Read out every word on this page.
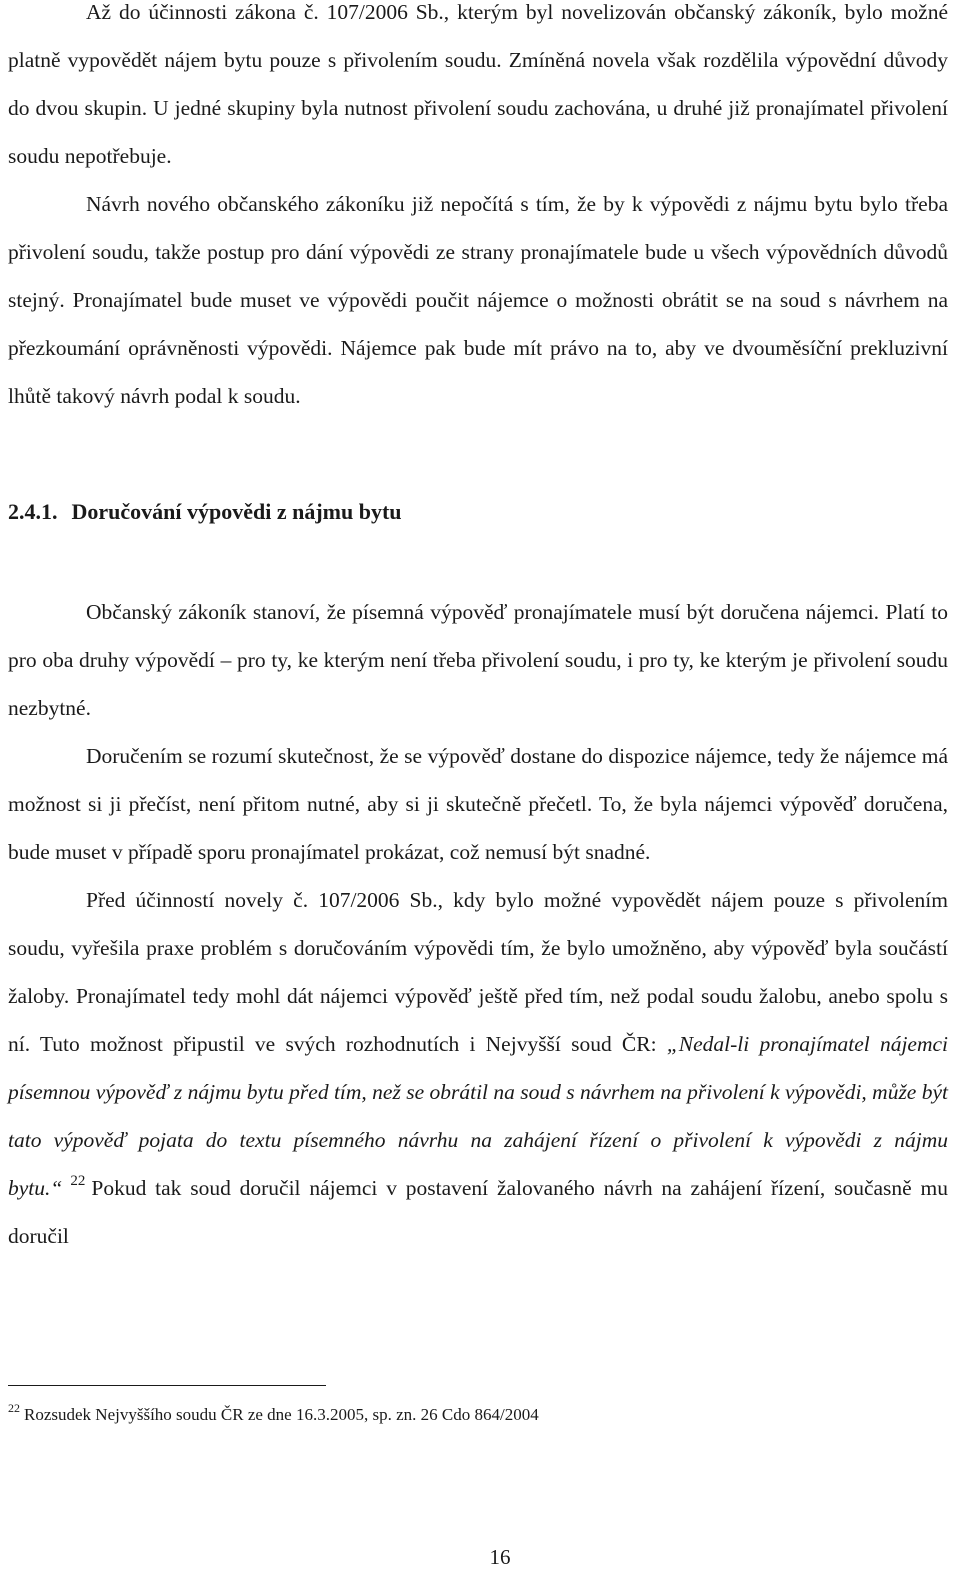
Až do účinnosti zákona č. 107/2006 Sb., kterým byl novelizován občanský zákoník, bylo možné platně vypovědět nájem bytu pouze s přivolením soudu. Zmíněná novela však rozdělila výpovědní důvody do dvou skupin. U jedné skupiny byla nutnost přivolení soudu zachována, u druhé již pronajímatel přivolení soudu nepotřebuje.

Návrh nového občanského zákoníku již nepočítá s tím, že by k výpovědi z nájmu bytu bylo třeba přivolení soudu, takže postup pro dání výpovědi ze strany pronajímatele bude u všech výpovědních důvodů stejný. Pronajímatel bude muset ve výpovědi poučit nájemce o možnosti obrátit se na soud s návrhem na přezkoumání oprávněnosti výpovědi. Nájemce pak bude mít právo na to, aby ve dvouměsíční prekluzivní lhůtě takový návrh podal k soudu.

2.4.1. Doručování výpovědi z nájmu bytu

Občanský zákoník stanoví, že písemná výpověď pronajímatele musí být doručena nájemci. Platí to pro oba druhy výpovědí – pro ty, ke kterým není třeba přivolení soudu, i pro ty, ke kterým je přivolení soudu nezbytné.

Doručením se rozumí skutečnost, že se výpověď dostane do dispozice nájemce, tedy že nájemce má možnost si ji přečíst, není přitom nutné, aby si ji skutečně přečetl. To, že byla nájemci výpověď doručena, bude muset v případě sporu pronajímatel prokázat, což nemusí být snadné.

Před účinností novely č. 107/2006 Sb., kdy bylo možné vypovědět nájem pouze s přivolením soudu, vyřešila praxe problém s doručováním výpovědi tím, že bylo umožněno, aby výpověď byla součástí žaloby. Pronajímatel tedy mohl dát nájemci výpověď ještě před tím, než podal soudu žalobu, anebo spolu s ní. Tuto možnost připustil ve svých rozhodnutích i Nejvyšší soud ČR: „Nedal-li pronajímatel nájemci písemnou výpověď z nájmu bytu před tím, než se obrátil na soud s návrhem na přivolení k výpovědi, může být tato výpověď pojata do textu písemného návrhu na zahájení řízení o přivolení k výpovědi z nájmu bytu.“ $^{22}$ Pokud tak soud doručil nájemci v postavení žalovaného návrh na zahájení řízení, současně mu doručil

$^{22}$ Rozsudek Nejvyššího soudu ČR ze dne 16.3.2005, sp. zn. 26 Cdo 864/2004
16
